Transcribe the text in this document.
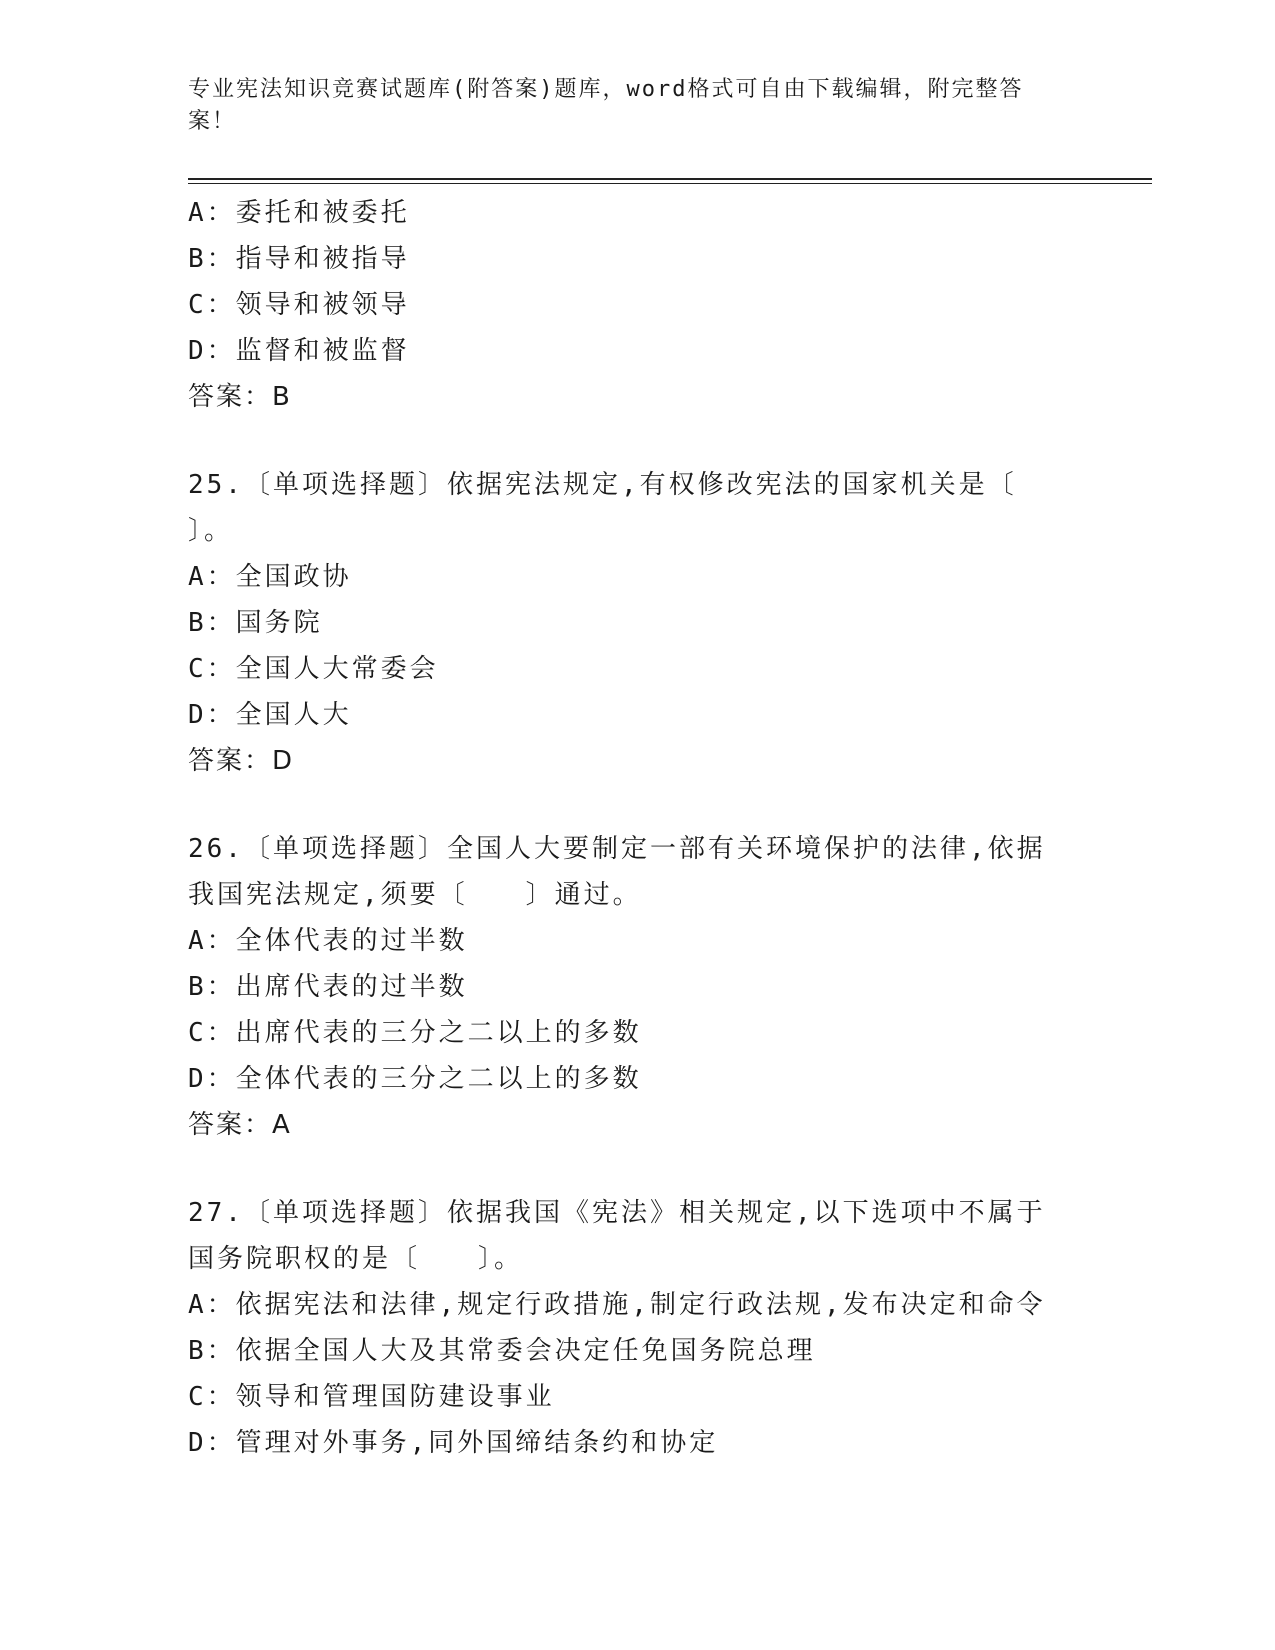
专业宪法知识竞赛试题库(附答案)题库，word格式可自由下载编辑，附完整答案！
A：委托和被委托
B：指导和被指导
C：领导和被领导
D：监督和被监督
答案：B
25.〔单项选择题〕依据宪法规定,有权修改宪法的国家机关是〔　　〕。
A：全国政协
B：国务院
C：全国人大常委会
D：全国人大
答案：D
26.〔单项选择题〕全国人大要制定一部有关环境保护的法律,依据我国宪法规定,须要〔　　〕通过。
A：全体代表的过半数
B：出席代表的过半数
C：出席代表的三分之二以上的多数
D：全体代表的三分之二以上的多数
答案：A
27.〔单项选择题〕依据我国《宪法》相关规定,以下选项中不属于国务院职权的是〔　　〕。
A：依据宪法和法律,规定行政措施,制定行政法规,发布决定和命令
B：依据全国人大及其常委会决定任免国务院总理
C：领导和管理国防建设事业
D：管理对外事务,同外国缔结条约和协定
